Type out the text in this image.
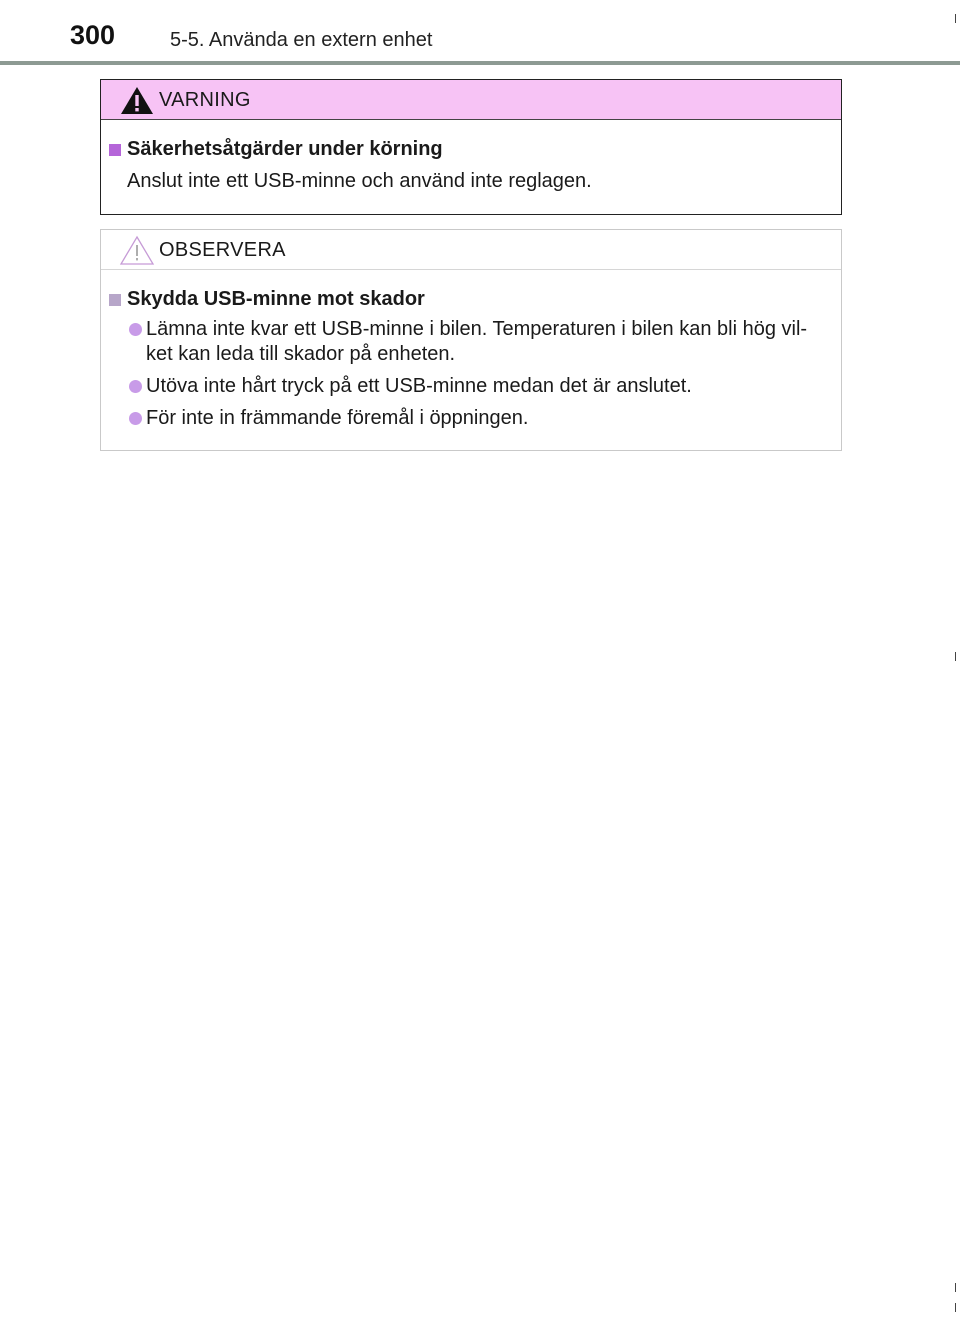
300	5-5. Använda en extern enhet
VARNING
Säkerhetsåtgärder under körning
Anslut inte ett USB-minne och använd inte reglagen.
OBSERVERA
Skydda USB-minne mot skador
Lämna inte kvar ett USB-minne i bilen. Temperaturen i bilen kan bli hög vil-ket kan leda till skador på enheten.
Utöva inte hårt tryck på ett USB-minne medan det är anslutet.
För inte in främmande föremål i öppningen.
